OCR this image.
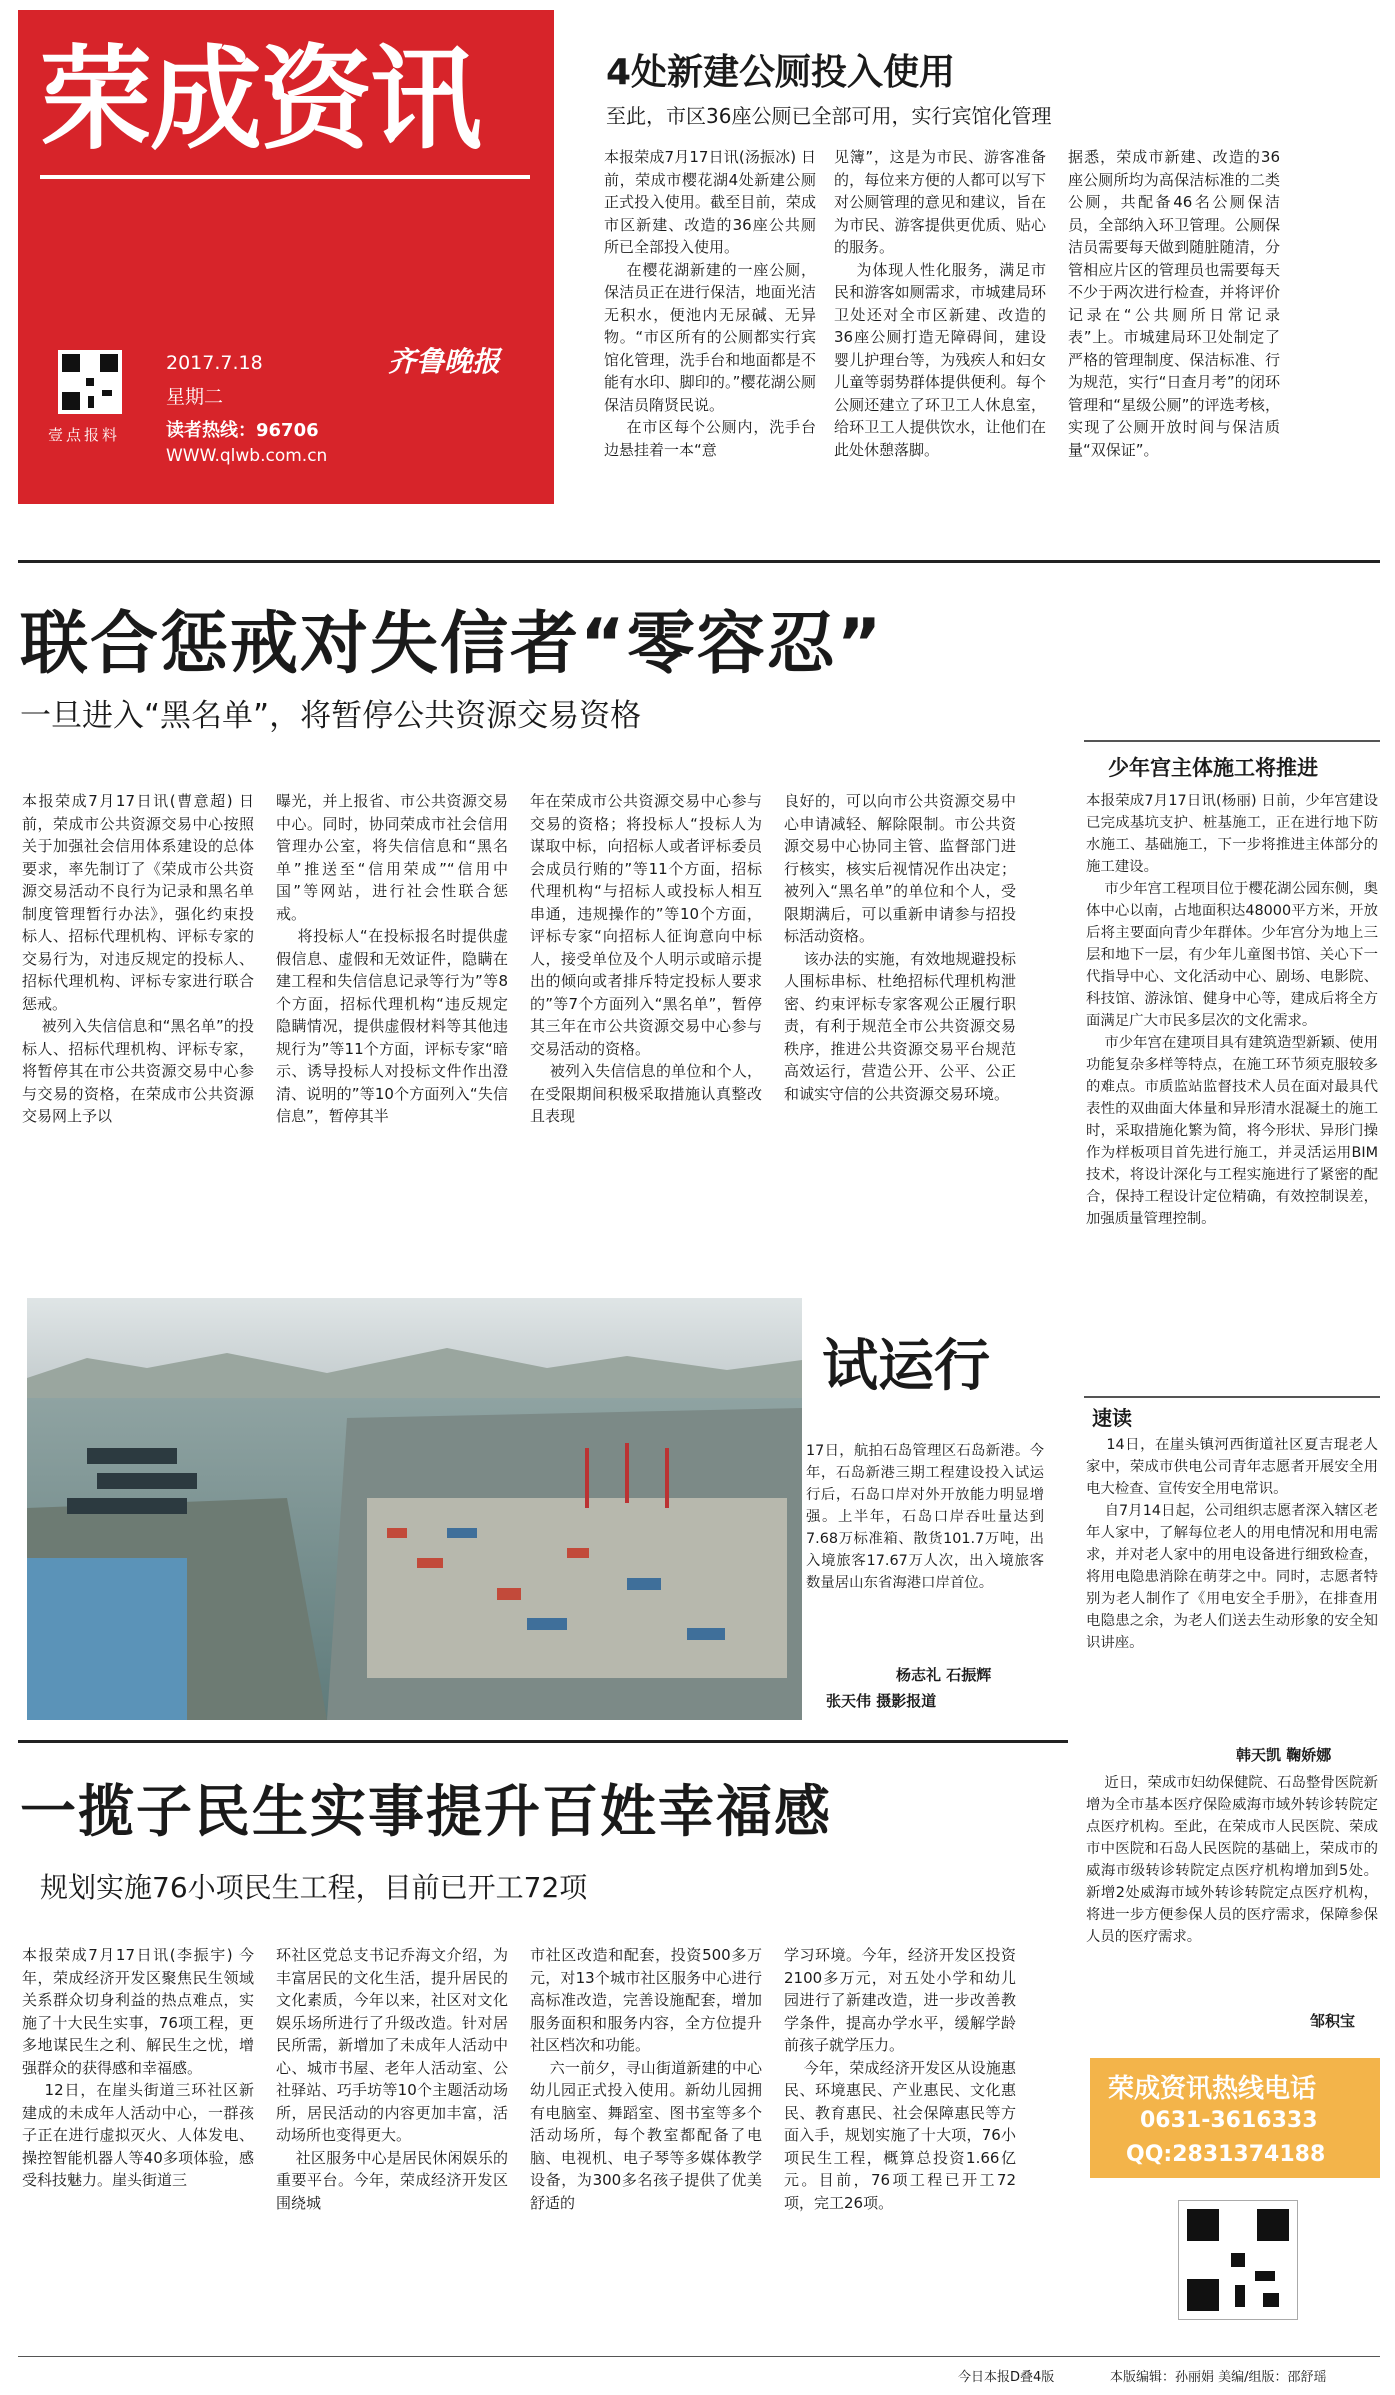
荣成资讯
壹点报料
2017.7.18
星期二
读者热线：96706
WWW.qlwb.com.cn
齐鲁晚报
4处新建公厕投入使用
至此，市区36座公厕已全部可用，实行宾馆化管理
本报荣成7月17日讯(汤振冰) 日前，荣成市樱花湖4处新建公厕正式投入使用。截至目前，荣成市区新建、改造的36座公共厕所已全部投入使用。
在樱花湖新建的一座公厕，保洁员正在进行保洁，地面光洁无积水，便池内无尿碱、无异物。“市区所有的公厕都实行宾馆化管理，洗手台和地面都是不能有水印、脚印的。”樱花湖公厕保洁员隋贤民说。
在市区每个公厕内，洗手台边悬挂着一本“意
见簿”，这是为市民、游客准备的，每位来方便的人都可以写下对公厕管理的意见和建议，旨在为市民、游客提供更优质、贴心的服务。
为体现人性化服务，满足市民和游客如厕需求，市城建局环卫处还对全市区新建、改造的36座公厕打造无障碍间，建设婴儿护理台等，为残疾人和妇女儿童等弱势群体提供便利。每个公厕还建立了环卫工人休息室，给环卫工人提供饮水，让他们在此处休憩落脚。
据悉，荣成市新建、改造的36座公厕所均为高保洁标准的二类公厕，共配备46名公厕保洁员，全部纳入环卫管理。公厕保洁员需要每天做到随脏随清，分管相应片区的管理员也需要每天不少于两次进行检查，并将评价记录在“公共厕所日常记录表”上。市城建局环卫处制定了严格的管理制度、保洁标准、行为规范，实行“日查月考”的闭环管理和“星级公厕”的评选考核，实现了公厕开放时间与保洁质量“双保证”。
联合惩戒对失信者“零容忍”
一旦进入“黑名单”，将暂停公共资源交易资格
本报荣成7月17日讯(曹意超) 日前，荣成市公共资源交易中心按照关于加强社会信用体系建设的总体要求，率先制订了《荣成市公共资源交易活动不良行为记录和黑名单制度管理暂行办法》，强化约束投标人、招标代理机构、评标专家的交易行为，对违反规定的投标人、招标代理机构、评标专家进行联合惩戒。
被列入失信信息和“黑名单”的投标人、招标代理机构、评标专家，将暂停其在市公共资源交易中心参与交易的资格，在荣成市公共资源交易网上予以
曝光，并上报省、市公共资源交易中心。同时，协同荣成市社会信用管理办公室，将失信信息和“黑名单”推送至“信用荣成”“信用中国”等网站，进行社会性联合惩戒。
将投标人“在投标报名时提供虚假信息、虚假和无效证件，隐瞒在建工程和失信信息记录等行为”等8个方面，招标代理机构“违反规定隐瞒情况，提供虚假材料等其他违规行为”等11个方面，评标专家“暗示、诱导投标人对投标文件作出澄清、说明的”等10个方面列入“失信信息”，暂停其半
年在荣成市公共资源交易中心参与交易的资格；将投标人“投标人为谋取中标，向招标人或者评标委员会成员行贿的”等11个方面，招标代理机构“与招标人或投标人相互串通，违规操作的”等10个方面，评标专家“向招标人征询意向中标人，接受单位及个人明示或暗示提出的倾向或者排斥特定投标人要求的”等7个方面列入“黑名单”，暂停其三年在市公共资源交易中心参与交易活动的资格。
被列入失信信息的单位和个人，在受限期间积极采取措施认真整改且表现
良好的，可以向市公共资源交易中心申请减轻、解除限制。市公共资源交易中心协同主管、监督部门进行核实，核实后视情况作出决定；被列入“黑名单”的单位和个人，受限期满后，可以重新申请参与招投标活动资格。
该办法的实施，有效地规避投标人围标串标、杜绝招标代理机构泄密、约束评标专家客观公正履行职责，有利于规范全市公共资源交易秩序，推进公共资源交易平台规范高效运行，营造公开、公平、公正和诚实守信的公共资源交易环境。
少年宫主体施工将推进
本报荣成7月17日讯(杨丽) 日前，少年宫建设已完成基坑支护、桩基施工，正在进行地下防水施工、基础施工，下一步将推进主体部分的施工建设。
市少年宫工程项目位于樱花湖公园东侧，奥体中心以南，占地面积达48000平方米，开放后将主要面向青少年群体。少年宫分为地上三层和地下一层，有少年儿童图书馆、关心下一代指导中心、文化活动中心、剧场、电影院、科技馆、游泳馆、健身中心等，建成后将全方面满足广大市民多层次的文化需求。
市少年宫在建项目具有建筑造型新颖、使用功能复杂多样等特点，在施工环节须克服较多的难点。市质监站监督技术人员在面对最具代表性的双曲面大体量和异形清水混凝土的施工时，采取措施化繁为简，将今形状、异形门操作为样板项目首先进行施工，并灵活运用BIM技术，将设计深化与工程实施进行了紧密的配合，保持工程设计定位精确，有效控制误差，加强质量管理控制。
试运行
17日，航拍石岛管理区石岛新港。今年，石岛新港三期工程建设投入试运行后，石岛口岸对外开放能力明显增强。上半年，石岛口岸吞吐量达到7.68万标准箱、散货101.7万吨，出入境旅客17.67万人次，出入境旅客数量居山东省海港口岸首位。
杨志礼 石振辉
张天伟 摄影报道
速读
14日，在崖头镇河西街道社区夏吉琨老人家中，荣成市供电公司青年志愿者开展安全用电大检查、宣传安全用电常识。
自7月14日起，公司组织志愿者深入辖区老年人家中，了解每位老人的用电情况和用电需求，并对老人家中的用电设备进行细致检查，将用电隐患消除在萌芽之中。同时，志愿者特别为老人制作了《用电安全手册》，在排查用电隐患之余，为老人们送去生动形象的安全知识讲座。
韩天凯 鞠娇娜
近日，荣成市妇幼保健院、石岛整骨医院新增为全市基本医疗保险威海市域外转诊转院定点医疗机构。至此，在荣成市人民医院、荣成市中医院和石岛人民医院的基础上，荣成市的威海市级转诊转院定点医疗机构增加到5处。新增2处威海市域外转诊转院定点医疗机构，将进一步方便参保人员的医疗需求，保障参保人员的医疗需求。
邹积宝
一揽子民生实事提升百姓幸福感
规划实施76小项民生工程，目前已开工72项
本报荣成7月17日讯(李振宇) 今年，荣成经济开发区聚焦民生领域关系群众切身利益的热点难点，实施了十大民生实事，76项工程，更多地谋民生之利、解民生之忧，增强群众的获得感和幸福感。
12日，在崖头街道三环社区新建成的未成年人活动中心，一群孩子正在进行虚拟灭火、人体发电、操控智能机器人等40多项体验，感受科技魅力。崖头街道三
环社区党总支书记乔海文介绍，为丰富居民的文化生活，提升居民的文化素质，今年以来，社区对文化娱乐场所进行了升级改造。针对居民所需，新增加了未成年人活动中心、城市书屋、老年人活动室、公社驿站、巧手坊等10个主题活动场所，居民活动的内容更加丰富，活动场所也变得更大。
社区服务中心是居民休闲娱乐的重要平台。今年，荣成经济开发区围绕城
市社区改造和配套，投资500多万元，对13个城市社区服务中心进行高标准改造，完善设施配套，增加服务面积和服务内容，全方位提升社区档次和功能。
六一前夕，寻山街道新建的中心幼儿园正式投入使用。新幼儿园拥有电脑室、舞蹈室、图书室等多个活动场所，每个教室都配备了电脑、电视机、电子琴等多媒体教学设备，为300多名孩子提供了优美舒适的
学习环境。今年，经济开发区投资2100多万元，对五处小学和幼儿园进行了新建改造，进一步改善教学条件，提高办学水平，缓解学龄前孩子就学压力。
今年，荣成经济开发区从设施惠民、环境惠民、产业惠民、文化惠民、教育惠民、社会保障惠民等方面入手，规划实施了十大项，76小项民生工程，概算总投资1.66亿元。目前，76项工程已开工72项，完工26项。
荣成资讯热线电话
0631-3616333
QQ:2831374188
今日本报D叠4版	本版编辑：孙丽娟 美编/组版：邵舒瑶
